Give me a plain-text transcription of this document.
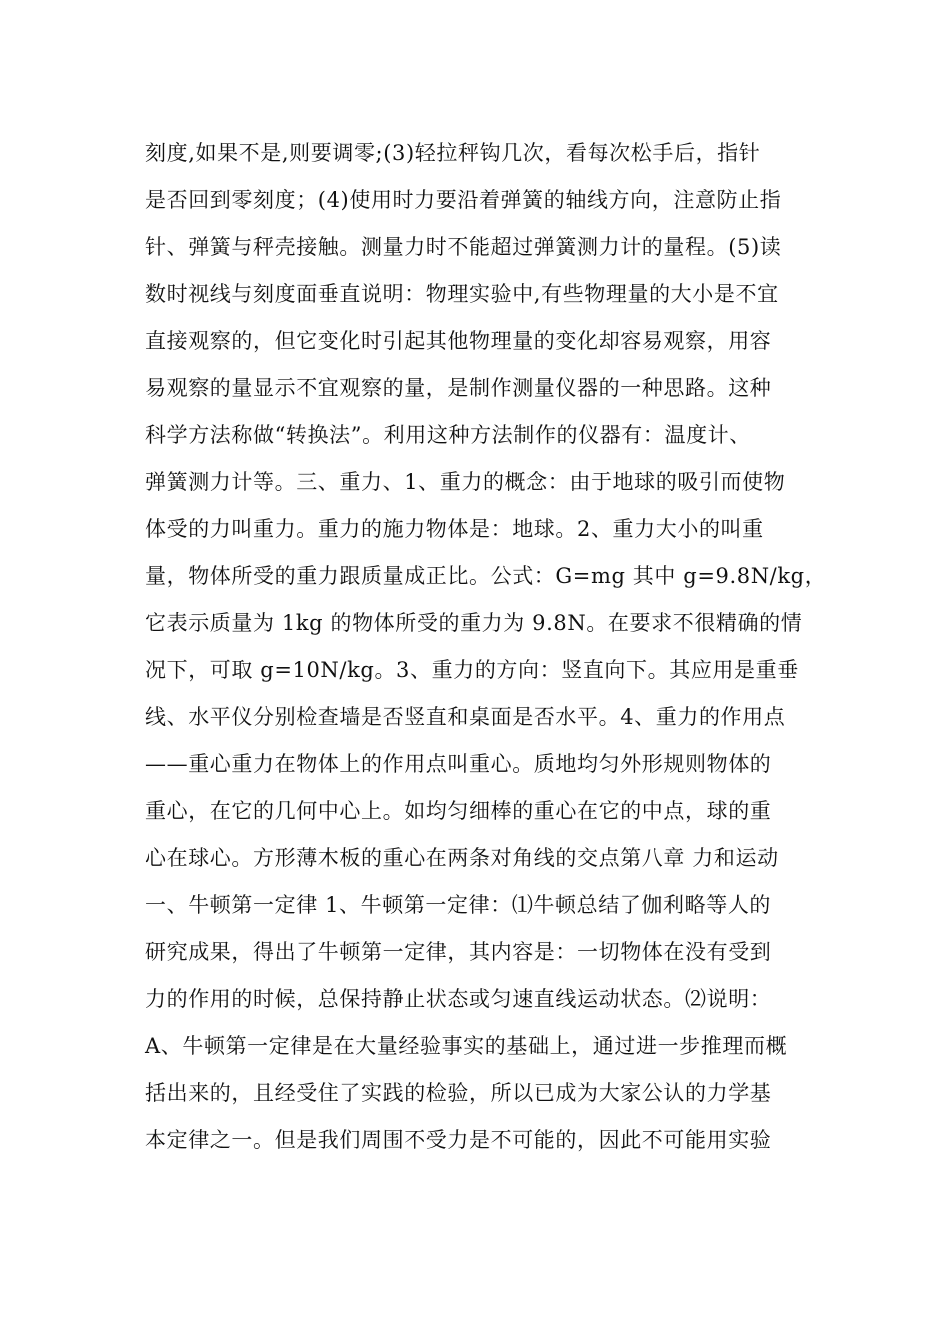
刻度,如果不是,则要调零;(3)轻拉秤钩几次，看每次松手后，指针
是否回到零刻度；(4)使用时力要沿着弹簧的轴线方向，注意防止指
针、弹簧与秤壳接触。测量力时不能超过弹簧测力计的量程。(5)读
数时视线与刻度面垂直说明：物理实验中,有些物理量的大小是不宜
直接观察的，但它变化时引起其他物理量的变化却容易观察，用容
易观察的量显示不宜观察的量，是制作测量仪器的一种思路。这种
科学方法称做“转换法”。利用这种方法制作的仪器有：温度计、
弹簧测力计等。三、重力、1、重力的概念：由于地球的吸引而使物
体受的力叫重力。重力的施力物体是：地球。2、重力大小的叫重
量，物体所受的重力跟质量成正比。公式：G=mg 其中 g=9.8N/kg，
它表示质量为 1kg 的物体所受的重力为 9.8N。在要求不很精确的情
况下，可取 g=10N/kg。3、重力的方向：竖直向下。其应用是重垂
线、水平仪分别检查墙是否竖直和桌面是否水平。4、重力的作用点
——重心重力在物体上的作用点叫重心。质地均匀外形规则物体的
重心，在它的几何中心上。如均匀细棒的重心在它的中点，球的重
心在球心。方形薄木板的重心在两条对角线的交点第八章 力和运动
一、牛顿第一定律 1、牛顿第一定律：⑴牛顿总结了伽利略等人的
研究成果，得出了牛顿第一定律，其内容是：一切物体在没有受到
力的作用的时候，总保持静止状态或匀速直线运动状态。⑵说明：
A、牛顿第一定律是在大量经验事实的基础上，通过进一步推理而概
括出来的，且经受住了实践的检验，所以已成为大家公认的力学基
本定律之一。但是我们周围不受力是不可能的，因此不可能用实验
